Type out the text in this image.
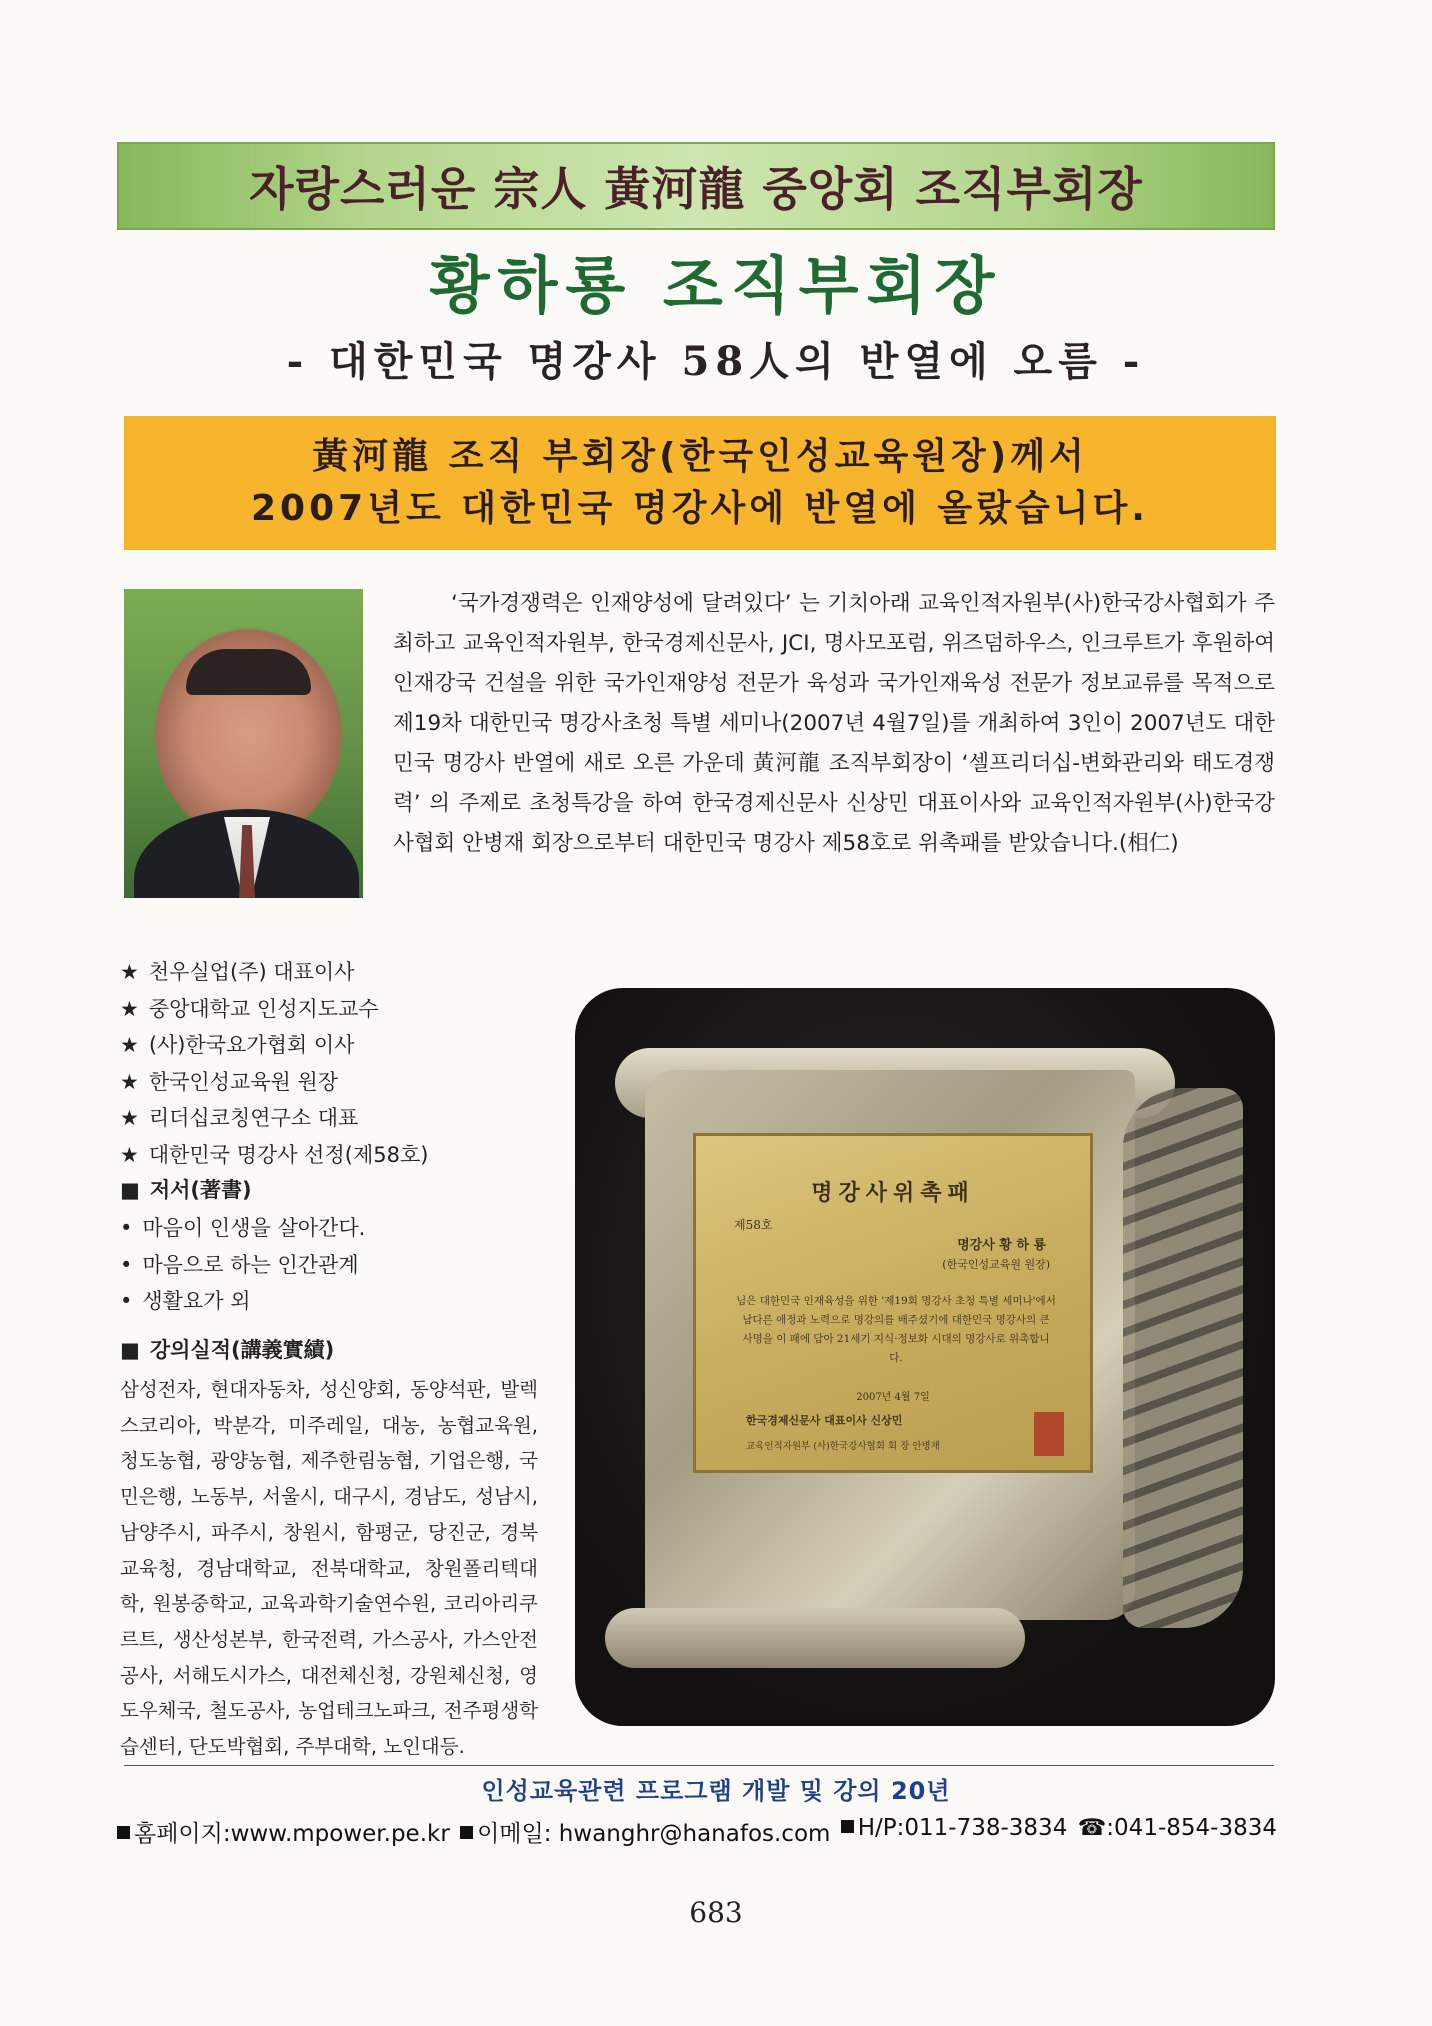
자랑스러운 宗人 黃河龍 중앙회 조직부회장
황하룡 조직부회장
- 대한민국 명강사 58人의 반열에 오름 -
黃河龍 조직 부회장(한국인성교육원장)께서
2007년도 대한민국 명강사에 반열에 올랐습니다.

‘국가경쟁력은 인재양성에 달려있다’ 는 기치아래 교육인적자원부(사)한국강사협회가 주최하고 교육인적자원부, 한국경제신문사, JCI, 명사모포럼, 위즈덤하우스, 인크루트가 후원하여 인재강국 건설을 위한 국가인재양성 전문가 육성과 국가인재육성 전문가 정보교류를 목적으로 제19차 대한민국 명강사초청 특별 세미나(2007년 4월7일)를 개최하여 3인이 2007년도 대한민국 명강사 반열에 새로 오른 가운데 黃河龍 조직부회장이 ‘셀프리더십-변화관리와 태도경쟁력’ 의 주제로 초청특강을 하여 한국경제신문사 신상민 대표이사와 교육인적자원부(사)한국강사협회 안병재 회장으로부터 대한민국 명강사 제58호로 위촉패를 받았습니다.(相仁)

★ 천우실업(주) 대표이사
★ 중앙대학교 인성지도교수
★ (사)한국요가협회 이사
★ 한국인성교육원 원장
★ 리더십코칭연구소 대표
★ 대한민국 명강사 선정(제58호)
■ 저서(著書)
• 마음이 인생을 살아간다.
• 마음으로 하는 인간관계
• 생활요가 외
■ 강의실적(講義實績)

삼성전자, 현대자동차, 성신양회, 동양석판, 발렉스코리아, 박분각, 미주레일, 대농, 농협교육원, 청도농협, 광양농협, 제주한림농협, 기업은행, 국민은행, 노동부, 서울시, 대구시, 경남도, 성남시, 남양주시, 파주시, 창원시, 함평군, 당진군, 경북교육청, 경남대학교, 전북대학교, 창원폴리텍대학, 원봉중학교, 교육과학기술연수원, 코리아리쿠르트, 생산성본부, 한국전력, 가스공사, 가스안전공사, 서해도시가스, 대전체신청, 강원체신청, 영도우체국, 철도공사, 농업테크노파크, 전주평생학습센터, 단도박협회, 주부대학, 노인대등.

명강사위촉패
제58호
명강사 황 하 룡
(한국인성교육원 원장)
님은 대한민국 인재육성을 위한 '제19회 명강사 초청 특별 세미나'에서 남다른 애정과 노력으로 명강의를 배주셨기에 대한민국 명강사의 큰 사명을 이 패에 담아 21세기 지식·정보화 시대의 명강사로 위촉합니다.
2007년 4월 7일
한국경제신문사 대표이사 신상민
교육인적자원부 (사)한국강사협회 회 장 안병재
인성교육관련 프로그램 개발 및 강의 20년
홈페이지:www.mpower.pe.kr	이메일: hwanghr@hanafos.com	H/P:011-738-3834 ☎:041-854-3834
683
